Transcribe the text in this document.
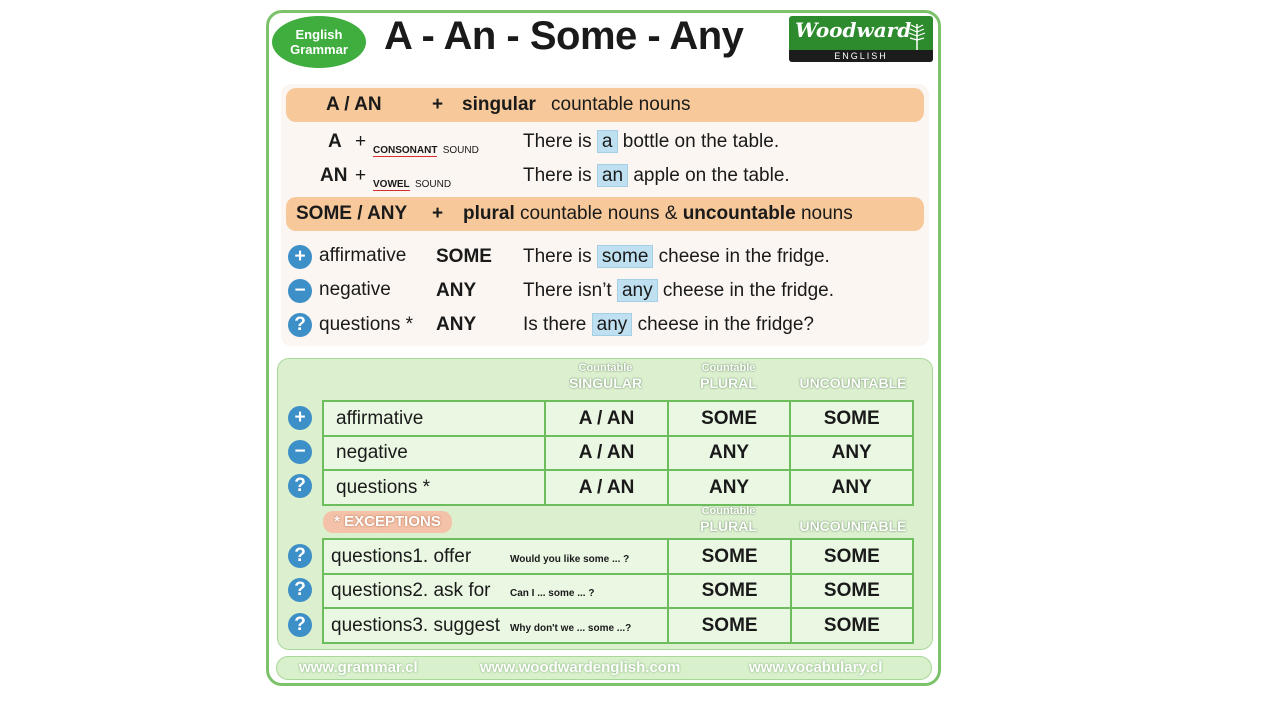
English
Grammar A - An - Some - Any	Woodward
ENGLISH
A / AN	+ singular countable nouns
A + CONSONANT SOUND There is a bottle on the table.
AN + VOWEL SOUND	There is an apple on the table.
SOME / ANY + plural countable nouns & uncountable nouns
+ affirmative SOME There is some cheese in the fridge.
− negative ANY There isn’t any cheese in the fridge.
? questions * ANY Is there any cheese in the fridge?
Countable
SINGULAR
Countable
PLURAL	UNCOUNTABLE
+
−
?
affirmative	A / AN	SOME	SOME
negative	A / AN	ANY	ANY
questions *	A / AN	ANY	ANY
* EXCEPTIONS
Countable
PLURAL	UNCOUNTABLE
?
?
?
questions	1. offer	Would you like some ... ?	SOME	SOME
questions	2. ask for	Can I ... some ... ?	SOME	SOME
questions	3. suggest	Why don't we ... some ...?	SOME	SOME
www.grammar.cl	www.woodwardenglish.com	www.vocabulary.cl
